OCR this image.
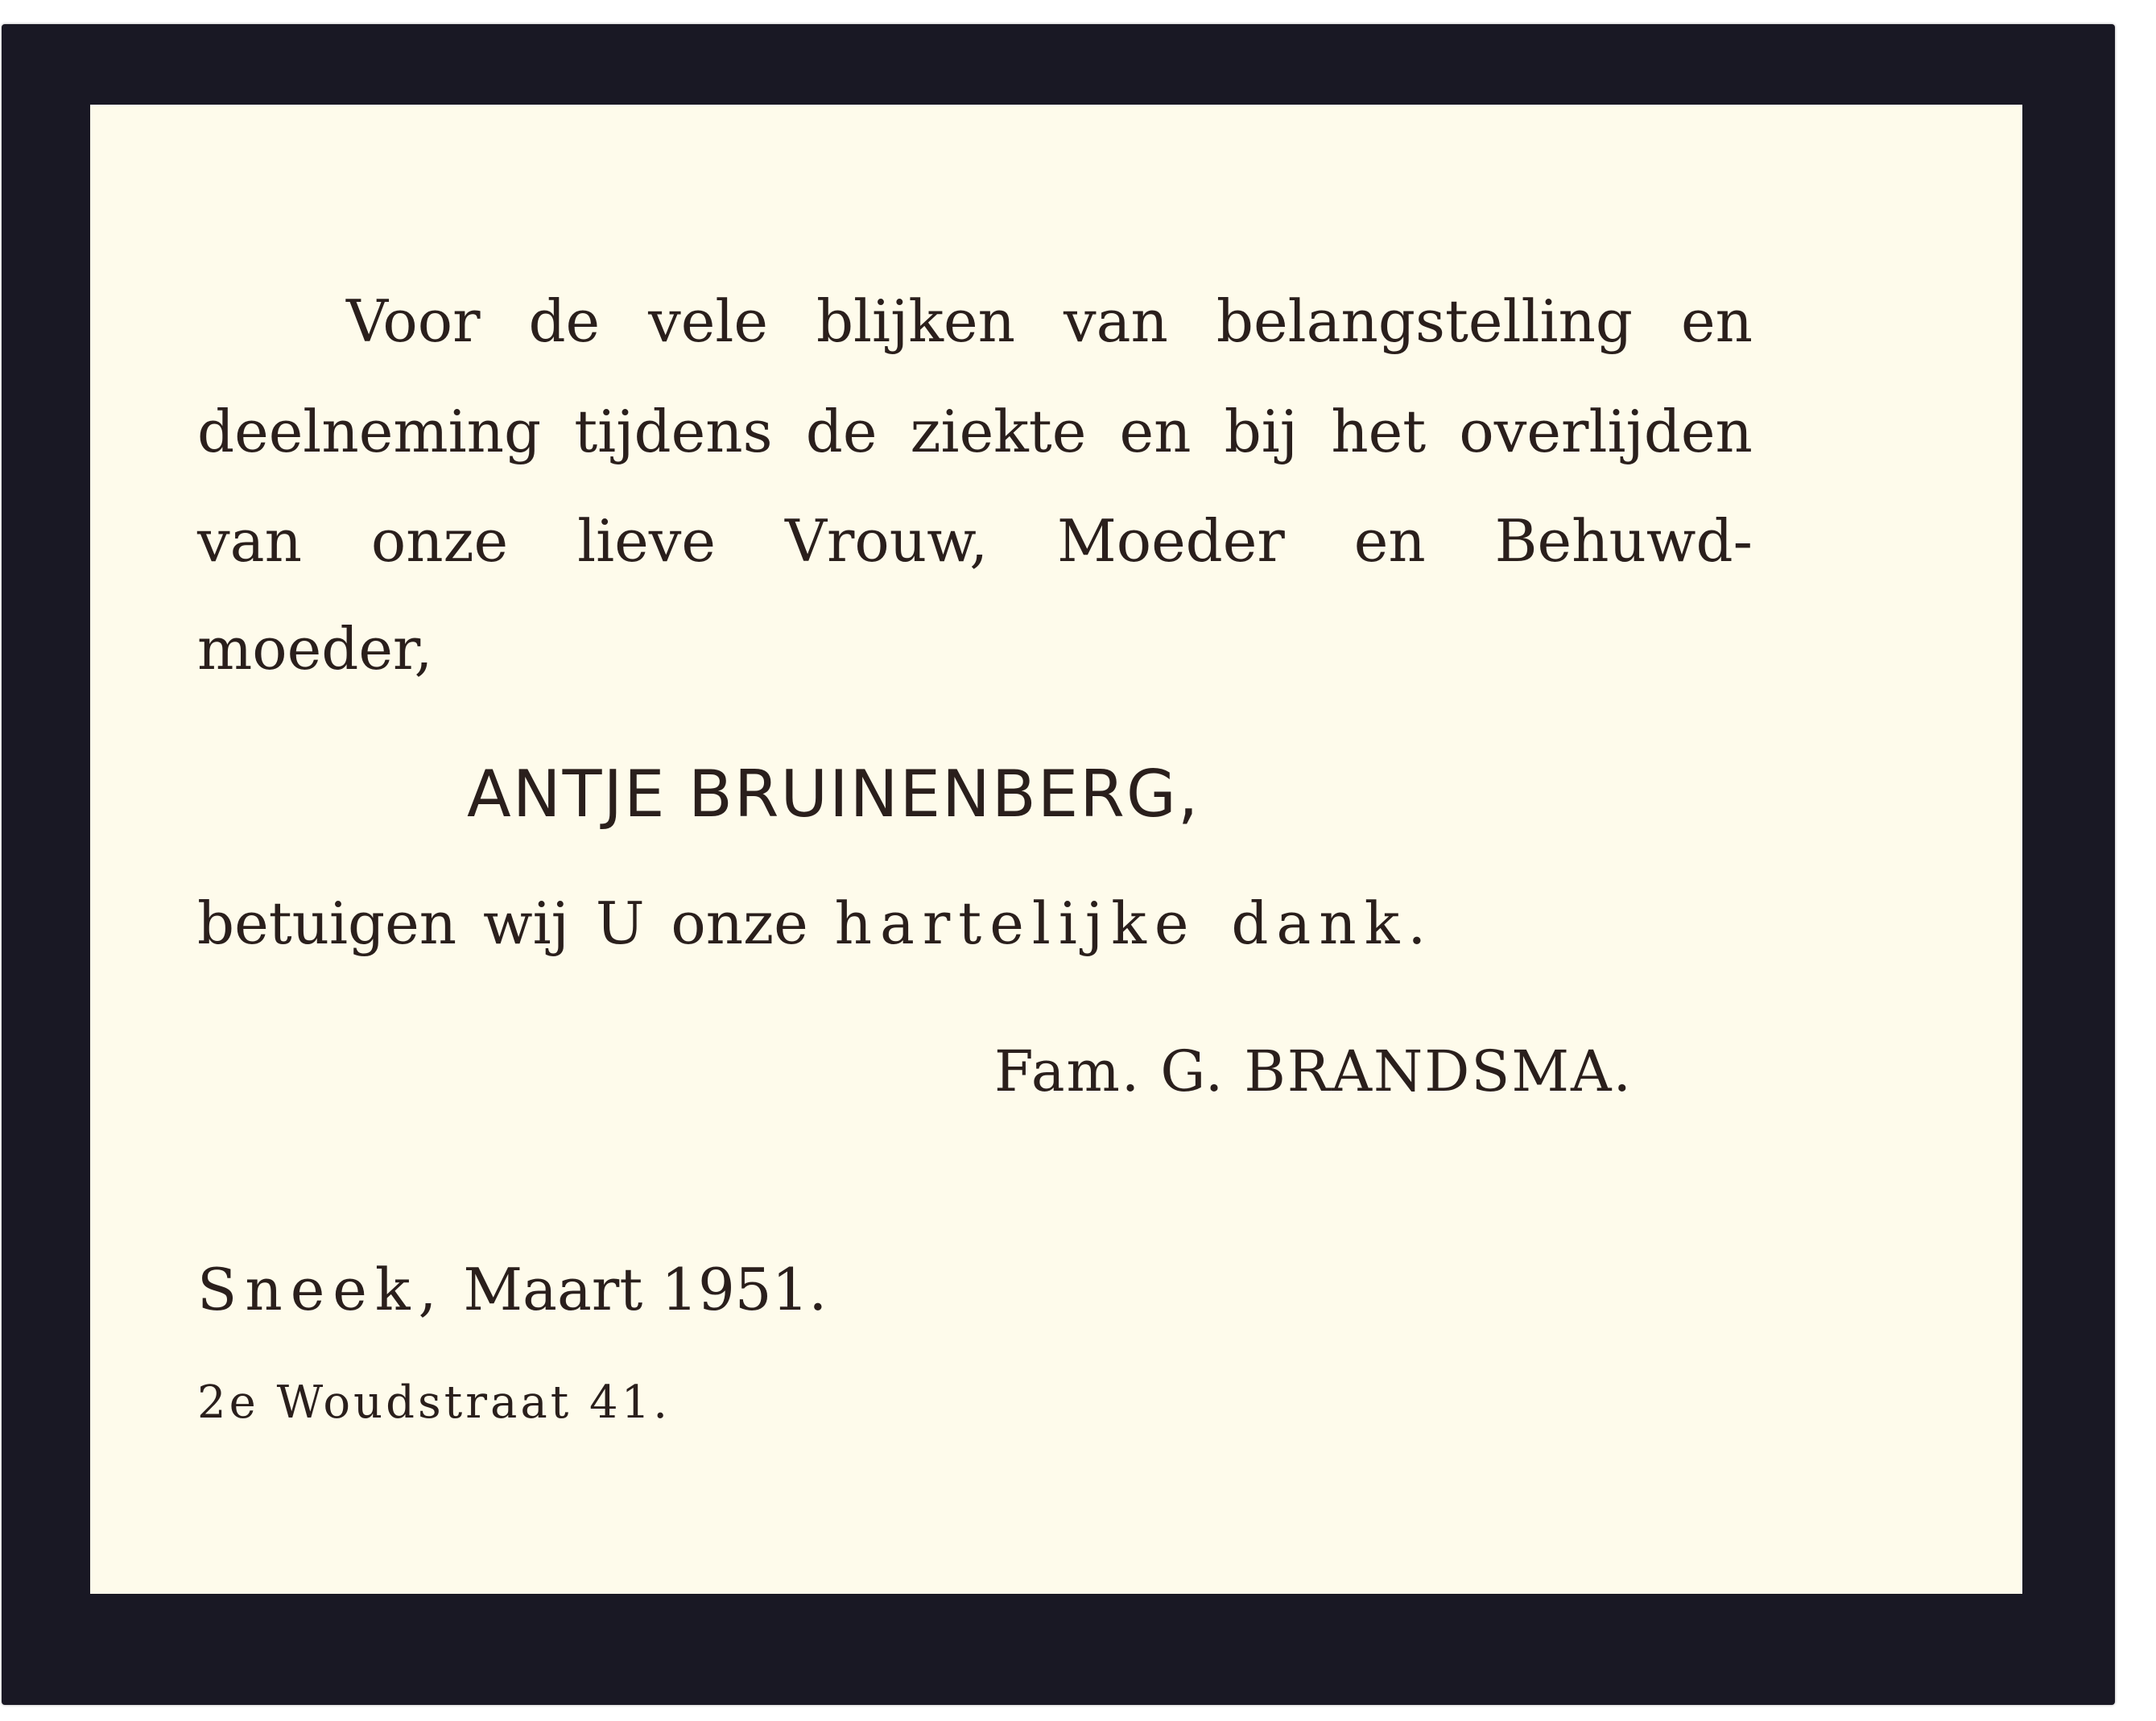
Voor de vele blijken van belangstelling en
deelneming tijdens de ziekte en bij het overlijden
van onze lieve Vrouw, Moeder en Behuwd-
moeder,
ANTJE BRUINENBERG,
betuigen wij U onze hartelijke dank.
Fam. G. BRANDSMA.
Sneek, Maart 1951.
2e Woudstraat 41.
